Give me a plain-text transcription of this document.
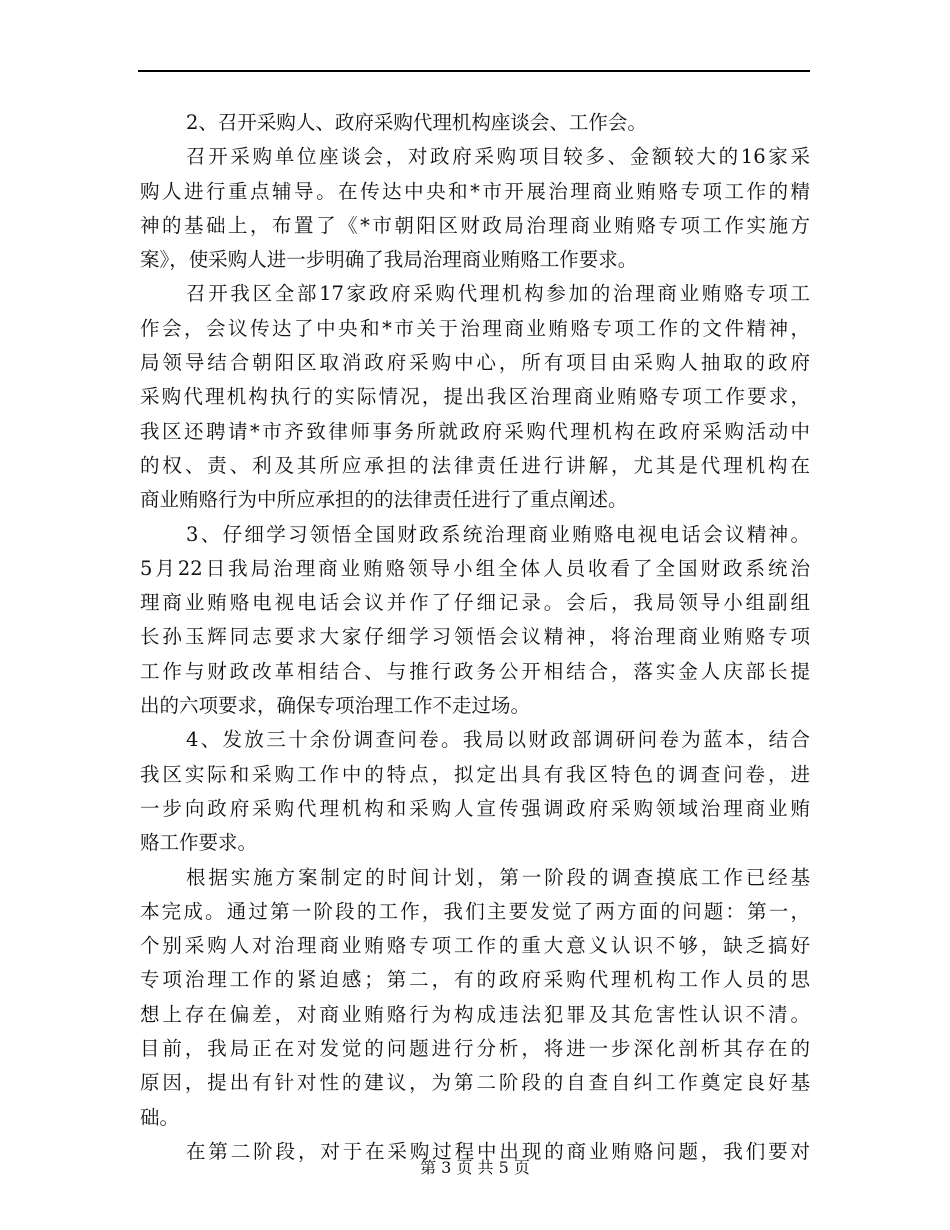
2、召开采购人、政府采购代理机构座谈会、工作会。
召开采购单位座谈会，对政府采购项目较多、金额较大的16家采
购人进行重点辅导。在传达中央和*市开展治理商业贿赂专项工作的精
神的基础上，布置了《*市朝阳区财政局治理商业贿赂专项工作实施方
案》，使采购人进一步明确了我局治理商业贿赂工作要求。
召开我区全部17家政府采购代理机构参加的治理商业贿赂专项工
作会，会议传达了中央和*市关于治理商业贿赂专项工作的文件精神，
局领导结合朝阳区取消政府采购中心，所有项目由采购人抽取的政府
采购代理机构执行的实际情况，提出我区治理商业贿赂专项工作要求，
我区还聘请*市齐致律师事务所就政府采购代理机构在政府采购活动中
的权、责、利及其所应承担的法律责任进行讲解，尤其是代理机构在
商业贿赂行为中所应承担的的法律责任进行了重点阐述。
3、仔细学习领悟全国财政系统治理商业贿赂电视电话会议精神。
5月22日我局治理商业贿赂领导小组全体人员收看了全国财政系统治
理商业贿赂电视电话会议并作了仔细记录。会后，我局领导小组副组
长孙玉辉同志要求大家仔细学习领悟会议精神，将治理商业贿赂专项
工作与财政改革相结合、与推行政务公开相结合，落实金人庆部长提
出的六项要求，确保专项治理工作不走过场。
4、发放三十余份调查问卷。我局以财政部调研问卷为蓝本，结合
我区实际和采购工作中的特点，拟定出具有我区特色的调查问卷，进
一步向政府采购代理机构和采购人宣传强调政府采购领域治理商业贿
赂工作要求。
根据实施方案制定的时间计划，第一阶段的调查摸底工作已经基
本完成。通过第一阶段的工作，我们主要发觉了两方面的问题：第一，
个别采购人对治理商业贿赂专项工作的重大意义认识不够，缺乏搞好
专项治理工作的紧迫感；第二，有的政府采购代理机构工作人员的思
想上存在偏差，对商业贿赂行为构成违法犯罪及其危害性认识不清。
目前，我局正在对发觉的问题进行分析，将进一步深化剖析其存在的
原因，提出有针对性的建议，为第二阶段的自查自纠工作奠定良好基
础。
在第二阶段，对于在采购过程中出现的商业贿赂问题，我们要对
第 3 页 共 5 页
